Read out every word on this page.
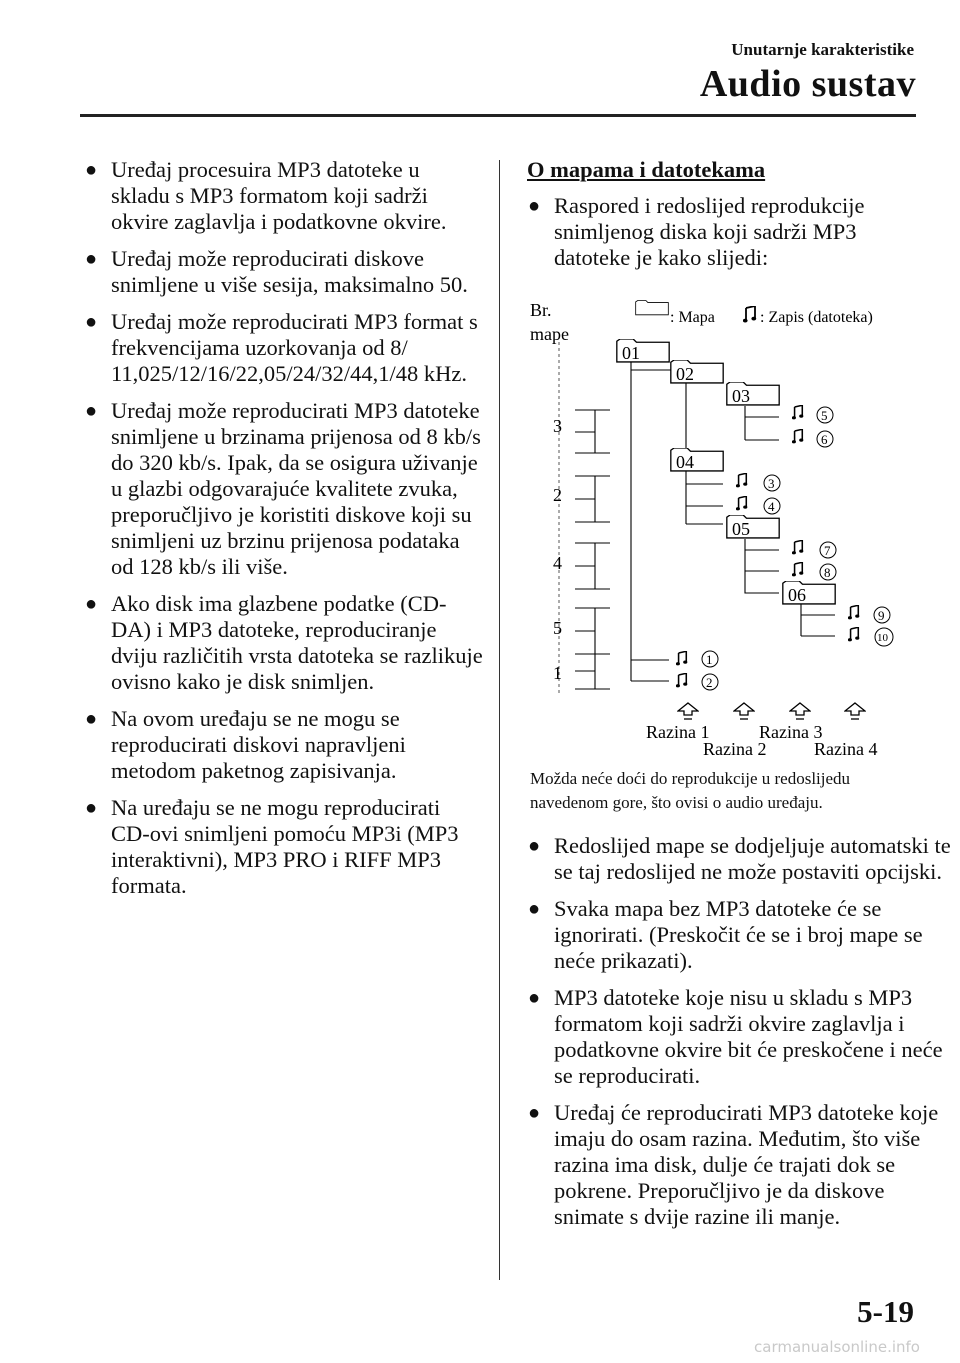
Unutarnje karakteristike
Audio sustav
● Uređaj procesuira MP3 datoteke u skladu s MP3 formatom koji sadrži okvire zaglavlja i podatkovne okvire.
● Uređaj može reproducirati diskove snimljene u više sesija, maksimalno 50.
● Uređaj može reproducirati MP3 format s frekvencijama uzorkovanja od 8/ 11,025/12/16/22,05/24/32/44,1/48 kHz.
● Uređaj može reproducirati MP3 datoteke snimljene u brzinama prijenosa od 8 kb/s do 320 kb/s. Ipak, da se osigura uživanje u glazbi odgovarajuće kvalitete zvuka, preporučljivo je koristiti diskove koji su snimljeni uz brzinu prijenosa podataka od 128 kb/s ili više.
● Ako disk ima glazbene podatke (CD-DA) i MP3 datoteke, reproduciranje dviju različitih vrsta datoteka se razlikuje ovisno kako je disk snimljen.
● Na ovom uređaju se ne mogu se reproducirati diskovi napravljeni metodom paketnog zapisivanja.
● Na uređaju se ne mogu reproducirati CD-ovi snimljeni pomoću MP3i (MP3 interaktivni), MP3 PRO i RIFF MP3 formata.
O mapama i datotekama
● Raspored i redoslijed reprodukcije snimljenog diska koji sadrži MP3 datoteke je kako slijedi:
Br.
mape
: Mapa	: Zapis (datoteka)
3
2
4
5
1
01
02
03
04
05
06
5
6
3
4
7
8
9
10
1
2
Razina 1	Razina 3
Razina 2	Razina 4
Možda neće doći do reprodukcije u redoslijedu navedenom gore, što ovisi o audio uređaju.
● Redoslijed mape se dodjeljuje automatski te se taj redoslijed ne može postaviti opcijski.
● Svaka mapa bez MP3 datoteke će se ignorirati. (Preskočit će se i broj mape se neće prikazati).
● MP3 datoteke koje nisu u skladu s MP3 formatom koji sadrži okvire zaglavlja i podatkovne okvire bit će preskočene i neće se reproducirati.
● Uređaj će reproducirati MP3 datoteke koje imaju do osam razina. Međutim, što više razina ima disk, dulje će trajati dok se pokrene. Preporučljivo je da diskove snimate s dvije razine ili manje.
5-19
carmanualsonline.info
